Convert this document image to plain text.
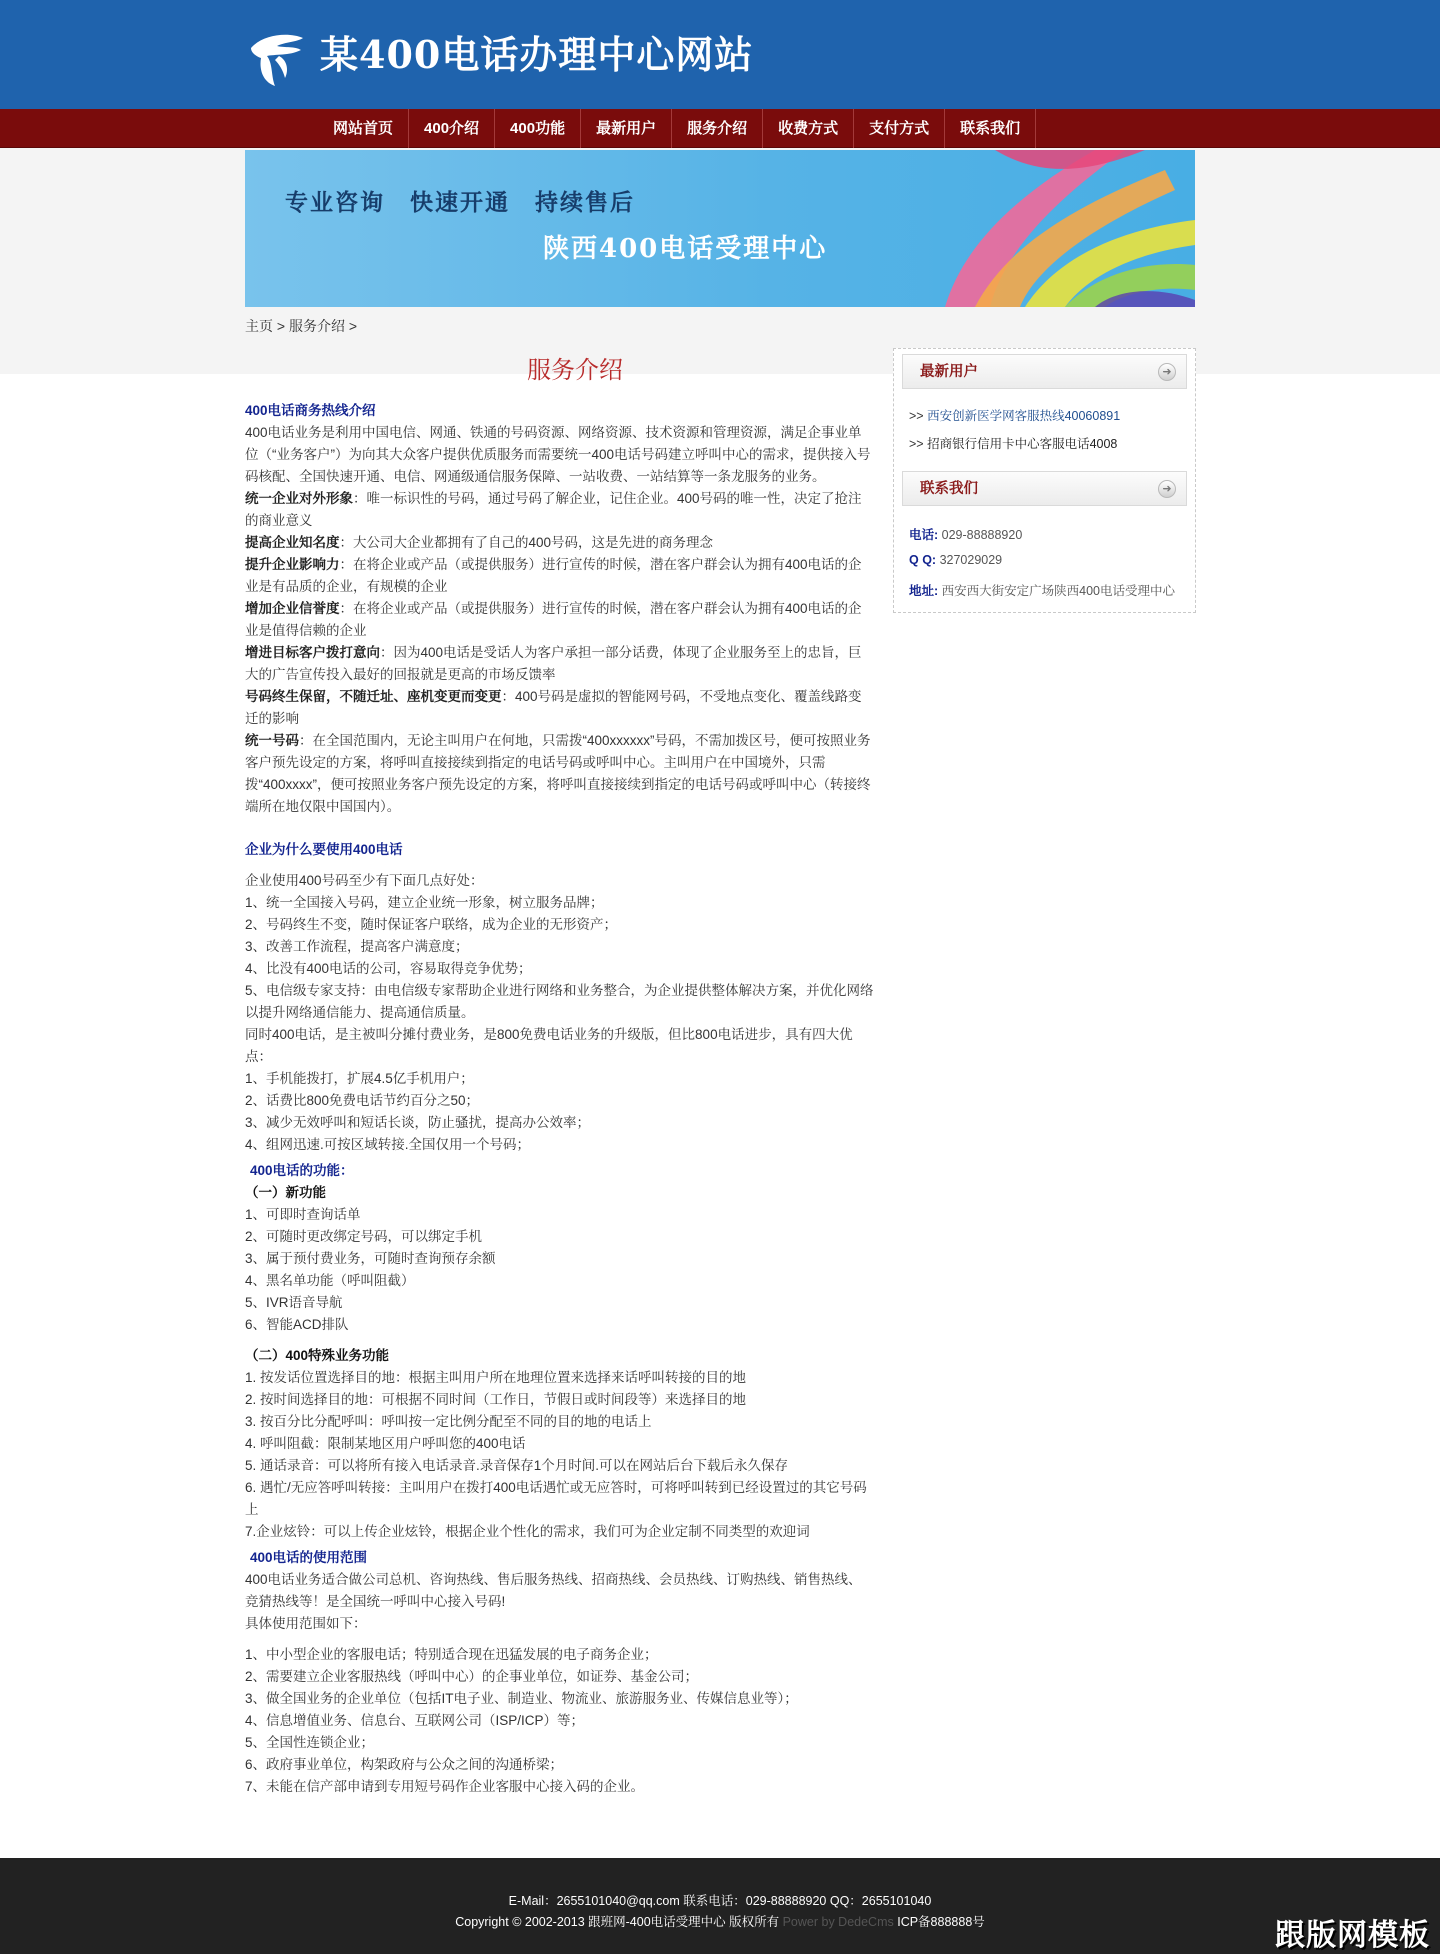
某400电话办理中心网站
网站首页	400介绍	400功能	最新用户	服务介绍	收费方式	支付方式	联系我们
专业咨询　快速开通　持续售后
陕西400电话受理中心
主页 > 服务介绍 >
服务介绍
400电话商务热线介绍
400电话业务是利用中国电信、网通、铁通的号码资源、网络资源、技术资源和管理资源，满足企事业单位（“业务客户”）为向其大众客户提供优质服务而需要统一400电话号码建立呼叫中心的需求，提供接入号码核配、全国快速开通、电信、网通级通信服务保障、一站收费、一站结算等一条龙服务的业务。
统一企业对外形象：唯一标识性的号码，通过号码了解企业，记住企业。400号码的唯一性，决定了抢注的商业意义
提高企业知名度：大公司大企业都拥有了自己的400号码，这是先进的商务理念
提升企业影响力：在将企业或产品（或提供服务）进行宣传的时候，潜在客户群会认为拥有400电话的企业是有品质的企业，有规模的企业
增加企业信誉度：在将企业或产品（或提供服务）进行宣传的时候，潜在客户群会认为拥有400电话的企业是值得信赖的企业
增进目标客户拨打意向：因为400电话是受话人为客户承担一部分话费，体现了企业服务至上的忠旨，巨大的广告宣传投入最好的回报就是更高的市场反馈率
号码终生保留，不随迁址、座机变更而变更：400号码是虚拟的智能网号码，不受地点变化、覆盖线路变迁的影响
统一号码：在全国范围内，无论主叫用户在何地，只需拨“400xxxxxx”号码，不需加拨区号，便可按照业务客户预先设定的方案，将呼叫直接接续到指定的电话号码或呼叫中心。主叫用户在中国境外，只需拨“400xxxx”，便可按照业务客户预先设定的方案，将呼叫直接接续到指定的电话号码或呼叫中心（转接终端所在地仅限中国国内）。
企业为什么要使用400电话
企业使用400号码至少有下面几点好处：
1、统一全国接入号码，建立企业统一形象，树立服务品牌；
2、号码终生不变，随时保证客户联络，成为企业的无形资产；
3、改善工作流程，提高客户满意度；
4、比没有400电话的公司，容易取得竞争优势；
5、电信级专家支持：由电信级专家帮助企业进行网络和业务整合，为企业提供整体解决方案，并优化网络以提升网络通信能力、提高通信质量。
同时400电话，是主被叫分摊付费业务，是800免费电话业务的升级版，但比800电话进步，具有四大优点：
1、手机能拨打，扩展4.5亿手机用户；
2、话费比800免费电话节约百分之50；
3、减少无效呼叫和短话长谈，防止骚扰，提高办公效率；
4、组网迅速.可按区域转接.全国仅用一个号码；
400电话的功能：
（一）新功能
1、可即时查询话单
2、可随时更改绑定号码，可以绑定手机
3、属于预付费业务，可随时查询预存余额
4、黑名单功能（呼叫阻截）
5、IVR语音导航
6、智能ACD排队
（二）400特殊业务功能
1. 按发话位置选择目的地：根据主叫用户所在地理位置来选择来话呼叫转接的目的地
2. 按时间选择目的地：可根据不同时间（工作日，节假日或时间段等）来选择目的地
3. 按百分比分配呼叫：呼叫按一定比例分配至不同的目的地的电话上
4. 呼叫阻截：限制某地区用户呼叫您的400电话
5. 通话录音：可以将所有接入电话录音.录音保存1个月时间.可以在网站后台下载后永久保存
6. 遇忙/无应答呼叫转接：主叫用户在拨打400电话遇忙或无应答时，可将呼叫转到已经设置过的其它号码上
7.企业炫铃：可以上传企业炫铃，根据企业个性化的需求，我们可为企业定制不同类型的欢迎词
400电话的使用范围
400电话业务适合做公司总机、咨询热线、售后服务热线、招商热线、会员热线、订购热线、销售热线、竞猜热线等！是全国统一呼叫中心接入号码!
具体使用范围如下：
1、中小型企业的客服电话；特别适合现在迅猛发展的电子商务企业；
2、需要建立企业客服热线（呼叫中心）的企事业单位，如证券、基金公司；
3、做全国业务的企业单位（包括IT电子业、制造业、物流业、旅游服务业、传媒信息业等）；
4、信息增值业务、信息台、互联网公司（ISP/ICP）等；
5、全国性连锁企业；
6、政府事业单位，构架政府与公众之间的沟通桥梁；
7、未能在信产部申请到专用短号码作企业客服中心接入码的企业。
最新用户	➜
>> 西安创新医学网客服热线40060891
>> 招商银行信用卡中心客服电话4008
联系我们	➜
电话: 029-88888920
Q Q: 327029029
地址: 西安西大街安定广场陕西400电话受理中心
E-Mail：2655101040@qq.com 联系电话：029-88888920 QQ：2655101040
Copyright © 2002-2013 跟班网-400电话受理中心 版权所有 Power by DedeCms ICP备888888号	跟版网模板
